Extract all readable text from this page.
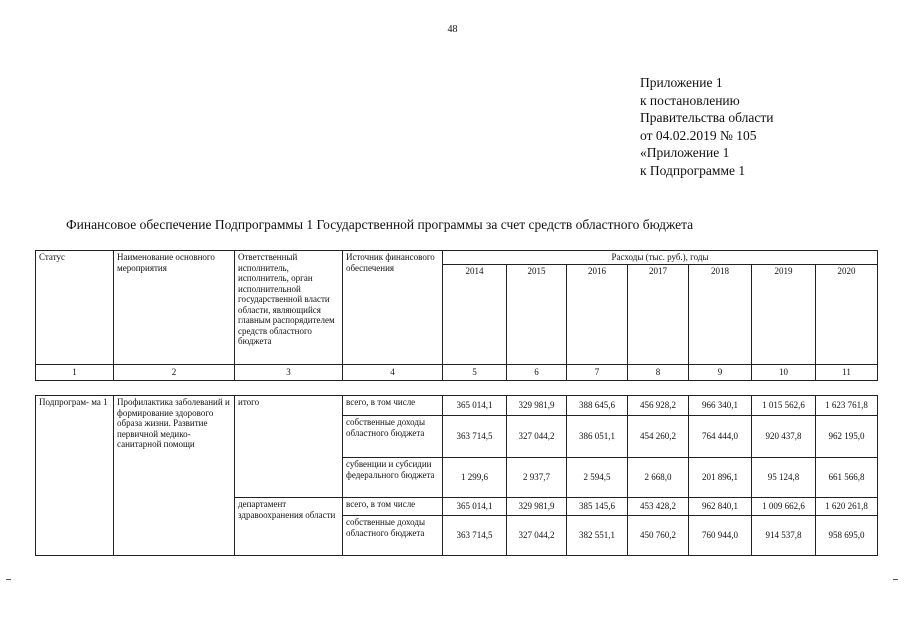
48
Приложение 1
к постановлению
Правительства области
от 04.02.2019 № 105
«Приложение 1
к Подпрограмме 1
Финансовое обеспечение Подпрограммы 1 Государственной программы за счет средств областного бюджета
Статус	Наименование основного мероприятия	Ответственный исполнитель, исполнитель, орган исполнительной государственной власти области, являющийся главным распорядителем средств областного бюджета	Источник финансового обеспечения	Расходы (тыс. руб.), годы						
				2014	2015	2016	2017	2018	2019	2020
1	2	3	4	5	6	7	8	9	10	11
Подпрограм- ма 1	Профилактика заболеваний и формирование здорового образа жизни. Развитие первичной медико-санитарной помощи	итого	всего, в том числе	365 014,1	329 981,9	388 645,6	456 928,2	966 340,1	1 015 562,6	1 623 761,8
			собственные доходы областного бюджета	363 714,5	327 044,2	386 051,1	454 260,2	764 444,0	920 437,8	962 195,0
			субвенции и субсидии федерального бюджета	1 299,6	2 937,7	2 594,5	2 668,0	201 896,1	95 124,8	661 566,8
		департамент здравоохранения области	всего, в том числе	365 014,1	329 981,9	385 145,6	453 428,2	962 840,1	1 009 662,6	1 620 261,8
			собственные доходы областного бюджета	363 714,5	327 044,2	382 551,1	450 760,2	760 944,0	914 537,8	958 695,0
